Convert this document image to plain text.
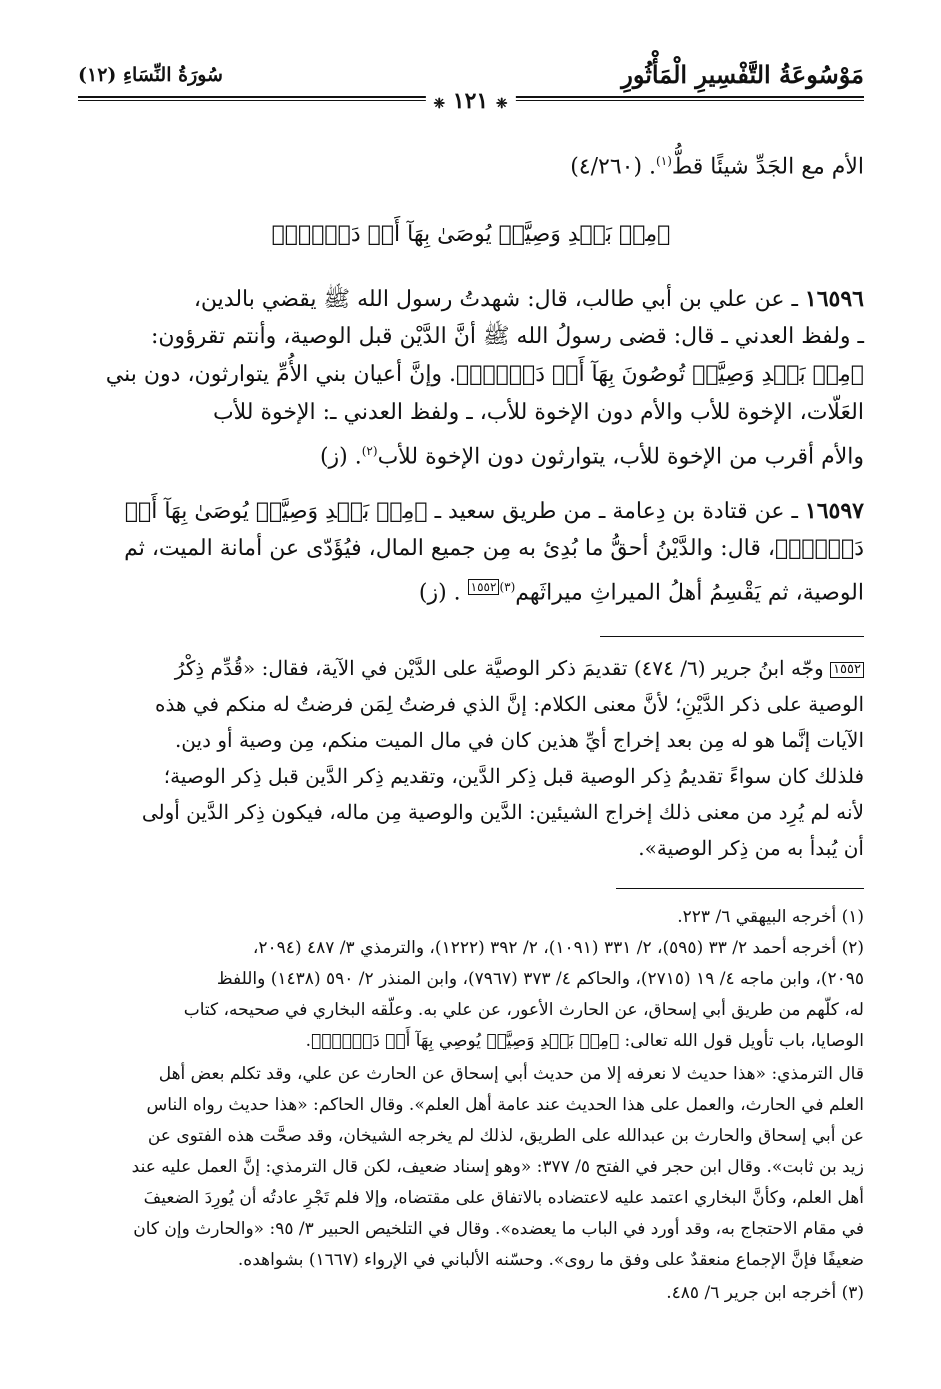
مَوْسُوعَةُ التَّفْسِيرِ الْمَأْثُورِ
سُورَةُ النِّسَاءِ (١٢)
❈ ١٢١ ❈
الأم مع الجَدِّ شيئًا قطُّ$^{(١)}$. (٤/٢٦٠)
﴿مِنۢ بَعۡدِ وَصِيَّةٖ يُوصَىٰ بِهَآ أَوۡ دَيۡنٍۗ﴾
١٦٥٩٦ ـ عن علي بن أبي طالب، قال: شهدتُ رسول الله ﷺ يقضي بالدين،
ـ ولفظ العدني ـ قال: قضى رسولُ الله ﷺ أنَّ الدَّيْن قبل الوصية، وأنتم تقرؤون:
﴿مِنۢ بَعۡدِ وَصِيَّةٖ تُوصُونَ بِهَآ أَوۡ دَيۡنٍۗ﴾. وإنَّ أعيان بني الأُمِّ يتوارثون، دون بني
العَلّات، الإخوة للأب والأم دون الإخوة للأب، ـ ولفظ العدني ـ: الإخوة للأب
والأم أقرب من الإخوة للأب، يتوارثون دون الإخوة للأب$^{(٢)}$. (ز)
١٦٥٩٧ ـ عن قتادة بن دِعامة ـ من طريق سعيد ـ ﴿مِنۢ بَعۡدِ وَصِيَّةٖ يُوصَىٰ بِهَآ أَوۡ
دَيۡنٍۗ﴾، قال: والدَّيْنُ أحقُّ ما بُدِئ به مِن جميع المال، فيُؤَدّى عن أمانة الميت، ثم
الوصية، ثم يَقْسِمُ أهلُ الميراثِ ميراثَهم$^{(٣)}$١٥٥٢ . (ز)
١٥٥٢ وجّه ابنُ جرير (٦/ ٤٧٤) تقديمَ ذكر الوصيَّة على الدَّيْن في الآية، فقال: «قُدِّم ذِكْرُ
الوصية على ذكر الدَّيْنِ؛ لأنَّ معنى الكلام: إنَّ الذي فرضتُ لِمَن فرضتُ له منكم في هذه
الآيات إنَّما هو له مِن بعد إخراج أيِّ هذين كان في مال الميت منكم، مِن وصية أو دين.
فلذلك كان سواءً تقديمُ ذِكر الوصية قبل ذِكر الدَّين، وتقديم ذِكر الدَّين قبل ذِكر الوصية؛
لأنه لم يُرِد من معنى ذلك إخراج الشيئين: الدَّين والوصية مِن ماله، فيكون ذِكر الدَّين أولى
أن يُبدأ به من ذِكر الوصية».
(١) أخرجه البيهقي ٦/ ٢٢٣.
(٢) أخرجه أحمد ٢/ ٣٣ (٥٩٥)، ٢/ ٣٣١ (١٠٩١)، ٢/ ٣٩٢ (١٢٢٢)، والترمذي ٣/ ٤٨٧ (٢٠٩٤،
٢٠٩٥)، وابن ماجه ٤/ ١٩ (٢٧١٥)، والحاكم ٤/ ٣٧٣ (٧٩٦٧)، وابن المنذر ٢/ ٥٩٠ (١٤٣٨) واللفظ
له، كلّهم من طريق أبي إسحاق، عن الحارث الأعور، عن علي به. وعلّقه البخاري في صحيحه، كتاب
الوصايا، باب تأويل قول الله تعالى: ﴿مِنۢ بَعۡدِ وَصِيَّةٖ يُوصِي بِهَآ أَوۡ دَيۡنٍۗ﴾.
قال الترمذي: «هذا حديث لا نعرفه إلا من حديث أبي إسحاق عن الحارث عن علي، وقد تكلم بعض أهل
العلم في الحارث، والعمل على هذا الحديث عند عامة أهل العلم». وقال الحاكم: «هذا حديث رواه الناس
عن أبي إسحاق والحارث بن عبدالله على الطريق، لذلك لم يخرجه الشيخان، وقد صحَّت هذه الفتوى عن
زيد بن ثابت». وقال ابن حجر في الفتح ٥/ ٣٧٧: «وهو إسناد ضعيف، لكن قال الترمذي: إنَّ العمل عليه عند
أهل العلم، وكأنَّ البخاري اعتمد عليه لاعتضاده بالاتفاق على مقتضاه، وإلا فلم تَجْرِ عادتُه أن يُورِدَ الضعيفَ
في مقام الاحتجاج به، وقد أورد في الباب ما يعضده». وقال في التلخيص الحبير ٣/ ٩٥: «والحارث وإن كان
ضعيفًا فإنَّ الإجماع منعقدٌ على وفق ما روى». وحسّنه الألباني في الإرواء (١٦٦٧) بشواهده.
(٣) أخرجه ابن جرير ٦/ ٤٨٥.
